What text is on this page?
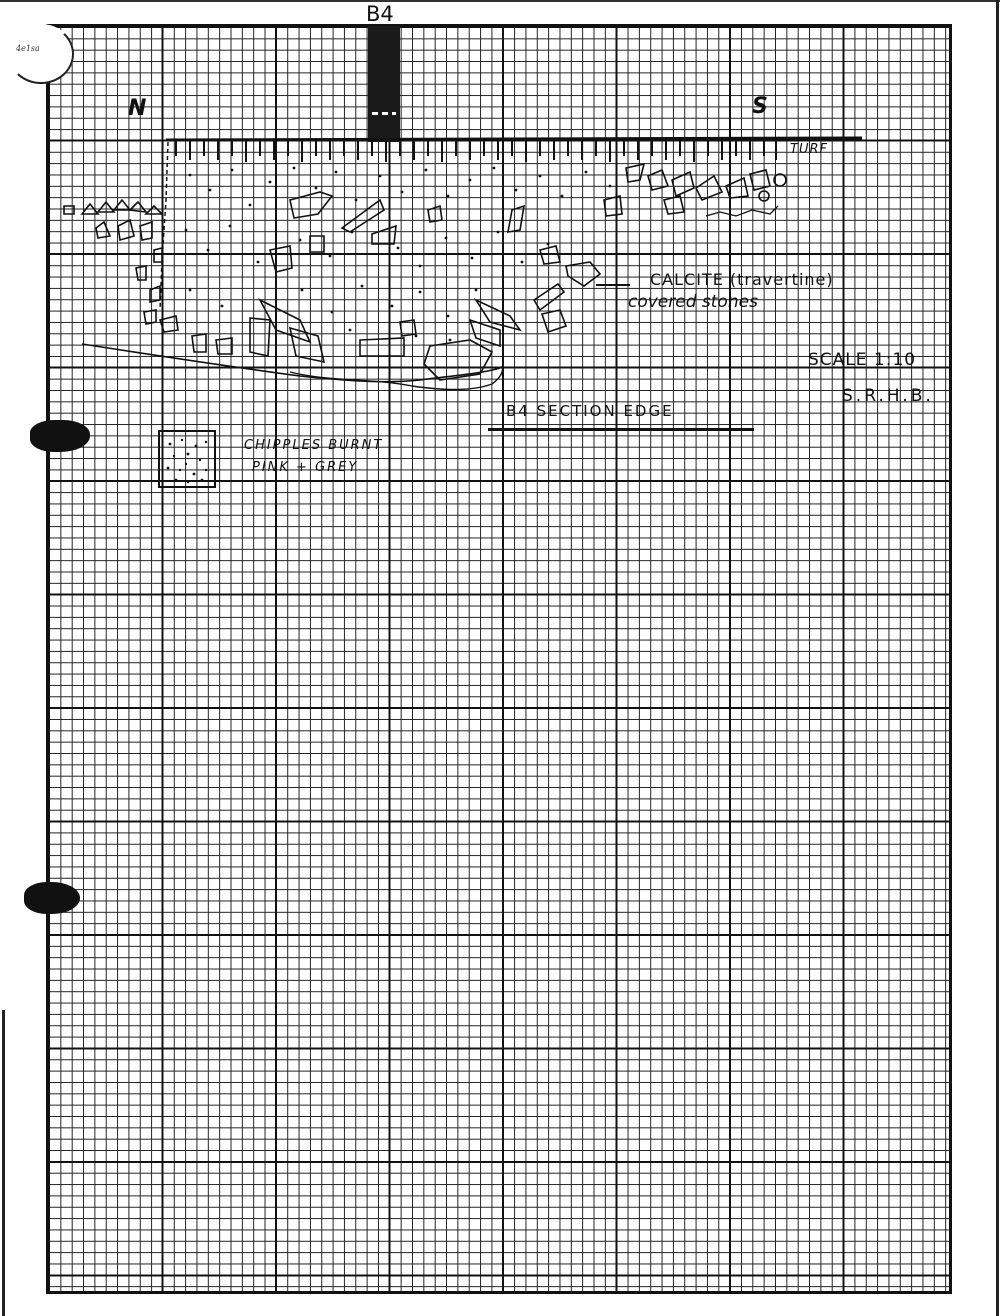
4e1sa
B4
N	S
TURF
CALCITE (travertine)
covered stones
SCALE 1:10
S.R.H.B.
B4 SECTION EDGE
CHIPPLES BURNT
PINK + GREY
